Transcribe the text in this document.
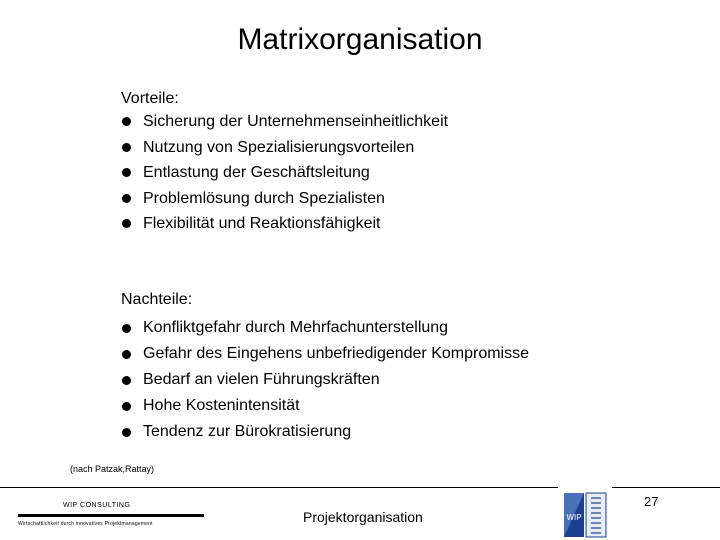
Matrixorganisation
Vorteile:
Sicherung der Unternehmenseinheitlichkeit
Nutzung von Spezialisierungsvorteilen
Entlastung der Geschäftsleitung
Problemlösung durch Spezialisten
Flexibilität und Reaktionsfähigkeit
Nachteile:
Konfliktgefahr durch Mehrfachunterstellung
Gefahr des Eingehens unbefriedigender Kompromisse
Bedarf an vielen Führungskräften
Hohe Kostenintensität
Tendenz zur Bürokratisierung
(nach Patzak,Rattay)
WIP CONSULTING
Wirtschaftlichkeit durch innovatives Projektmanagement	Projektorganisation
27
WIP
